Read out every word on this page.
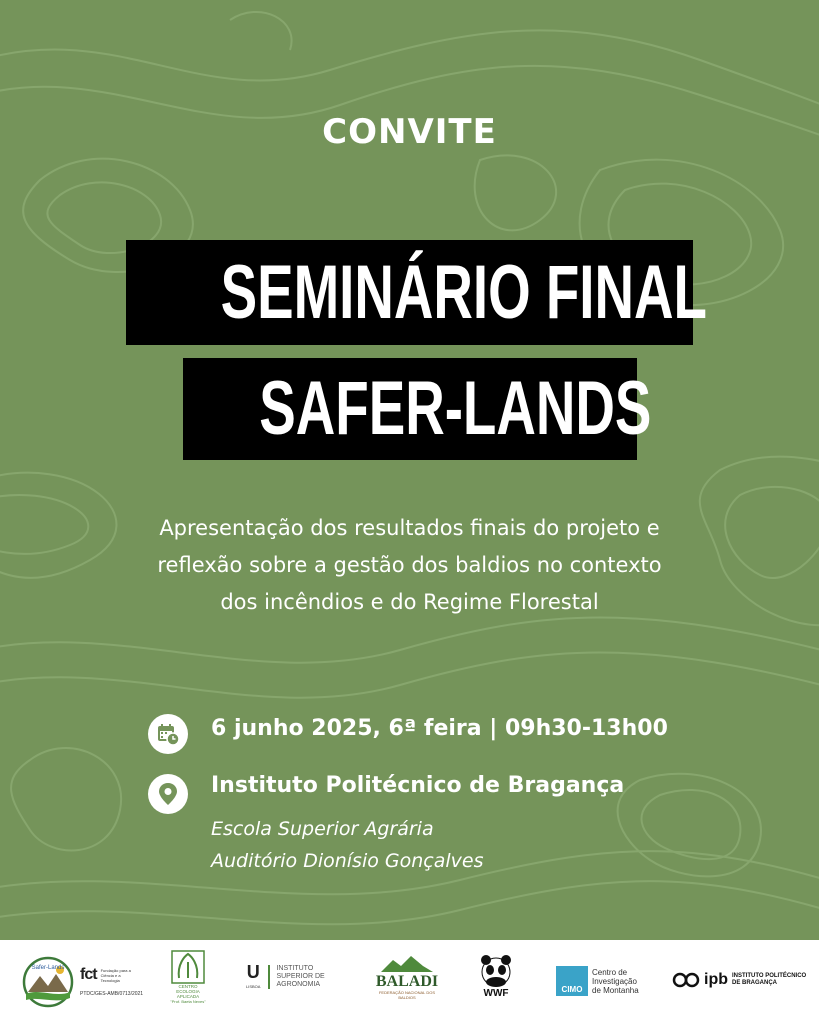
CONVITE
SEMINÁRIO FINAL
SAFER-LANDS
Apresentação dos resultados finais do projeto e
reflexão sobre a gestão dos baldios no contexto
dos incêndios e do Regime Florestal
6 junho 2025, 6ª feira | 09h30-13h00
Instituto Politécnico de Bragança
Escola Superior Agrária
Auditório Dionísio Gonçalves
Safer-Lands fct Fundação para a Ciência e a Tecnologia
PTDC/GES-AMB/0713/2021
CENTRO
ECOLOGIA
APLICADA
"Prof. Baeta Neves"
U
LISBOA
INSTITUTO
SUPERIOR DE
AGRONOMIA	BALADI
FEDERAÇÃO NACIONAL DOS BALDIOS	WWF	CIMO
Centro de
Investigação
de Montanha
ipb INSTITUTO POLITÉCNICO
DE BRAGANÇA
